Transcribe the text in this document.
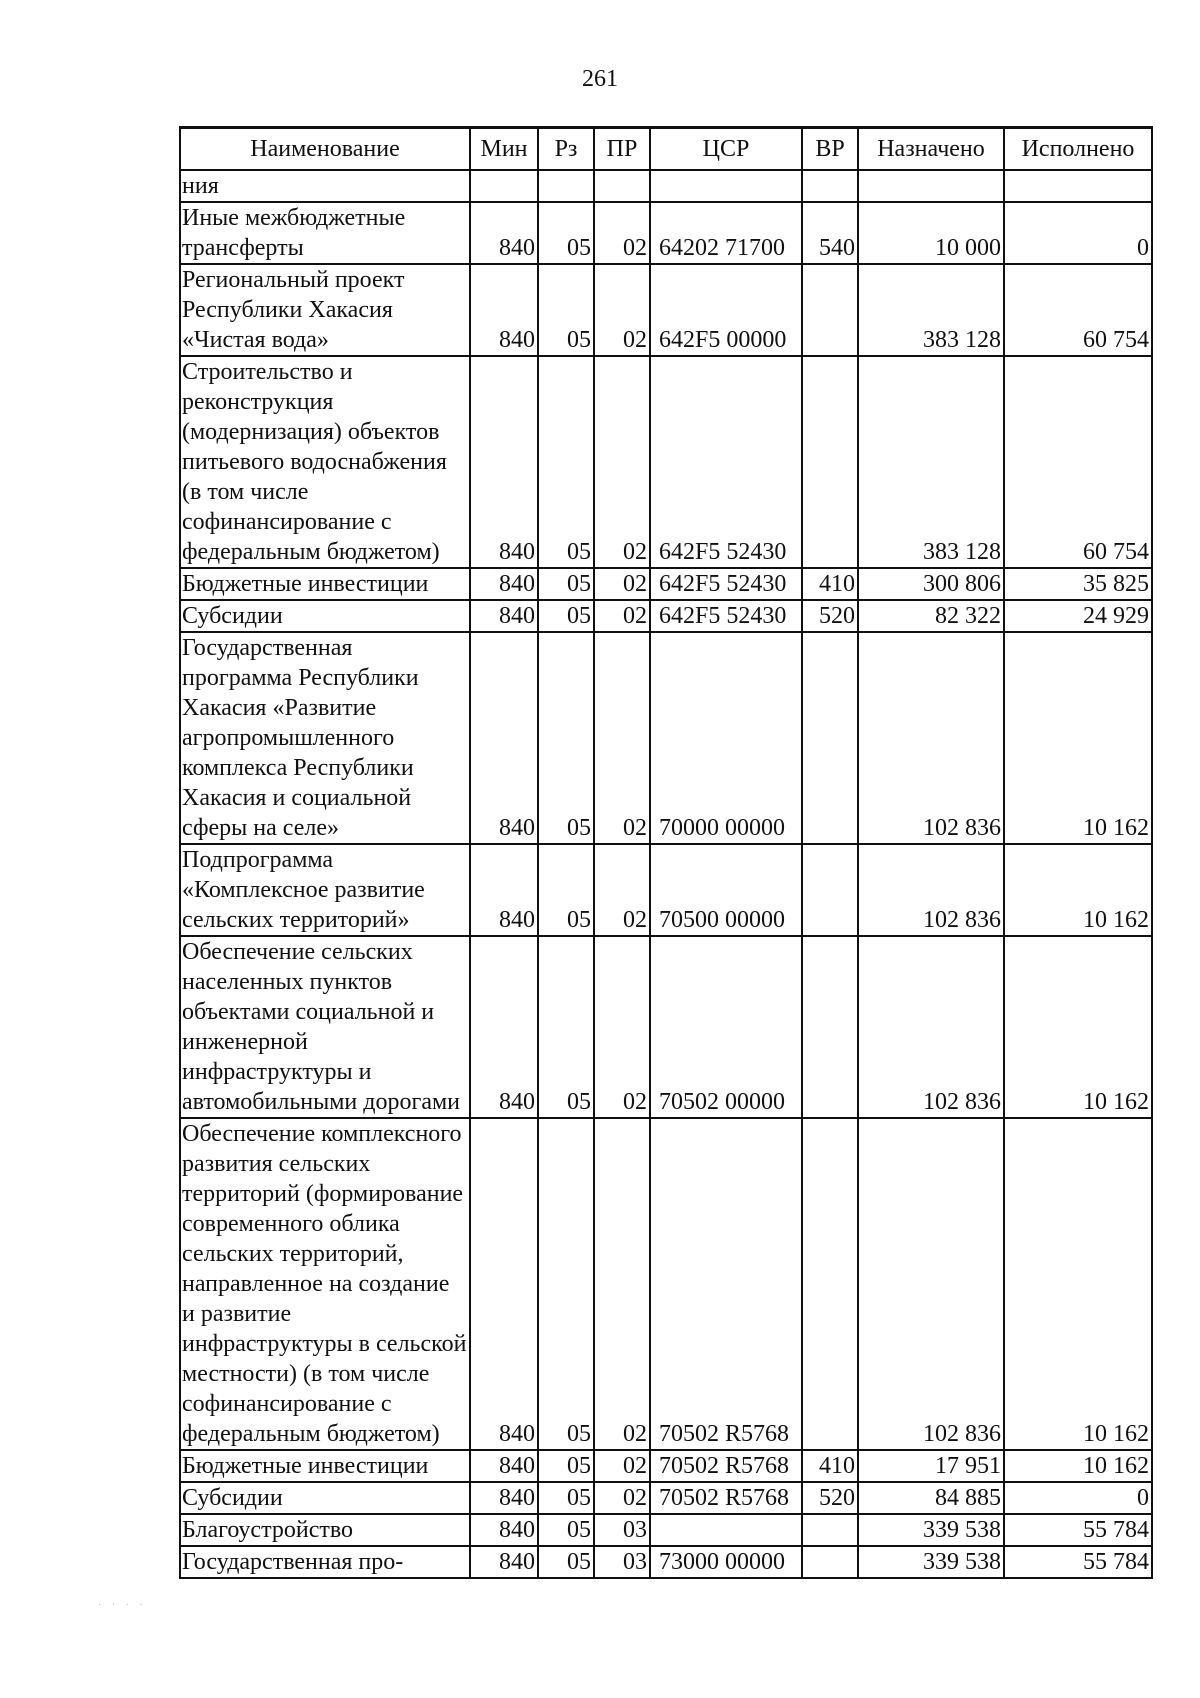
261
Наименование	Мин	Рз	ПР	ЦСР	ВР	Назначено	Исполнено
ния							
Иные межбюджетные трансферты	840	05	02	64202 71700	540	10 000	0
Региональный проект Республики Хакасия «Чистая вода»	840	05	02	642F5 00000		383 128	60 754
Строительство и реконструкция (модернизация) объектов питьевого водоснабжения (в том числе софинансирование с федеральным бюджетом)	840	05	02	642F5 52430		383 128	60 754
Бюджетные инвестиции	840	05	02	642F5 52430	410	300 806	35 825
Субсидии	840	05	02	642F5 52430	520	82 322	24 929
Государственная программа Республики Хакасия «Развитие агропромышленного комплекса Республики Хакасия и социальной сферы на селе»	840	05	02	70000 00000		102 836	10 162
Подпрограмма «Комплексное развитие сельских территорий»	840	05	02	70500 00000		102 836	10 162
Обеспечение сельских населенных пунктов объектами социальной и инженерной инфраструктуры и автомобильными дорогами	840	05	02	70502 00000		102 836	10 162
Обеспечение комплексного развития сельских территорий (формирование современного облика сельских территорий, направленное на создание и развитие инфраструктуры в сельской местности) (в том числе софинансирование с федеральным бюджетом)	840	05	02	70502 R5768		102 836	10 162
Бюджетные инвестиции	840	05	02	70502 R5768	410	17 951	10 162
Субсидии	840	05	02	70502 R5768	520	84 885	0
Благоустройство	840	05	03			339 538	55 784
Государственная про-	840	05	03	73000 00000		339 538	55 784
· · · ·
